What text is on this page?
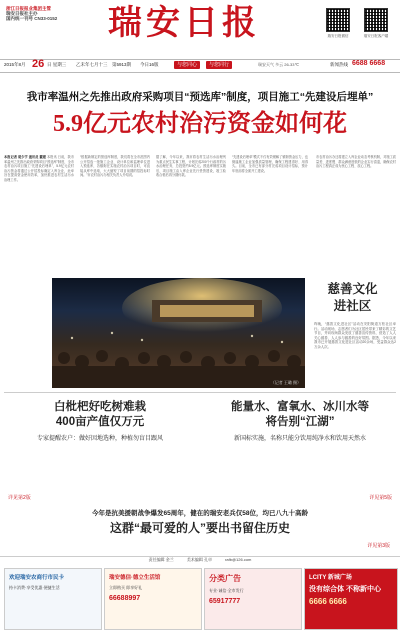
浙江日报报业集团主管
瑞安日报社主办
国内统一刊号 CN33-0152	瑞安日报	瑞安日报微信	瑞安日报客户端
2015年8月 26 日 星期三 乙未年七月十三 第5913期 今日16版	与您同心	与您同行	瑞安天气 多云 26-33℃	新闻热线 6688 6668
我市率温州之先推出政府采购项目“预选库”制度，项目施工“先建设后埋单”
5.9亿元农村治污资金如何花
本报记者 胡少宇 通讯员 戴建 本报讯 日前，我市率温州之先推出政府采购项目“预选库”制度，全市农村治污项目施工“先建设后埋单”，5.9亿元农村治污资金将通过公开招投标确定入库企业，此举旨在提高资金使用效率，加快推进农村生活污水治理工作。
“根据新制定的预选库制度，我们将在全市范围内公开招选一批施工企业、设计单位和监理单位进入预选库，各镇街在实施农村治污项目时，可直接从库中选取，大大缩短了项目前期的招投标时间。”市农村治污办相关负责人介绍说。
据了解，今年以来，我市将农村生活污水治理列为重点民生实事工程，计划完成200个行政村的污水治理任务，总投资约5.9亿元。预选库制度实施后，项目施工由入库企业先行垫资建设，竣工验收合格后再分期付款。
“先建设后埋单”模式不仅有效缓解了镇街资金压力，也倒逼施工企业加强质量管理，确保工程建得好、用得久。目前，全市已有部分村完成项目设计招标，预计年底前将全面开工建设。
市农村治污办还将建立入库企业动态考核机制，对施工质量差、进度慢、群众满意度低的企业实行清退，确保农村治污工程真正成为民心工程、放心工程。
（记者 王璐 摄）
慈善文化
进社区
昨晚，“慈善文化进社区”活动在安阳街道万松社区举行。活动现场，志愿者们为社区居民带来了精彩的文艺节目，并向现场群众发放了慈善宣传资料，营造了人人关心慈善、人人参与慈善的良好氛围。据悉，今年以来我市已开展慈善文化进社区活动20余场，受益群众达2万余人次。
白枇杷好吃树难栽
400亩产值仅万元
专家提醒农户：做好因地选种，种植勿盲目跟风
详见第2版
能量水、富氧水、冰川水等
将告别“江湖”
新国标实施，名称只能分饮用纯净水和饮用天然水
详见第5版
今年是抗美援朝战争爆发65周年，健在的瑞安老兵仅58位，均已八九十高龄
这群“最可爱的人”要出书留住历史
详见第3版
责任编辑 金兰	美术编辑 孔卓	rafb@126.com
欢迎瑞安农商行市民卡
持卡消费·享受优惠·便捷生活
瑞安德信·德立生活馆
立即购买 即享好礼
66688997
分类广告
专业·诚信·全市发行
65917777
LCITY 新城广场
没有综合体 不称新中心
6666 6666
